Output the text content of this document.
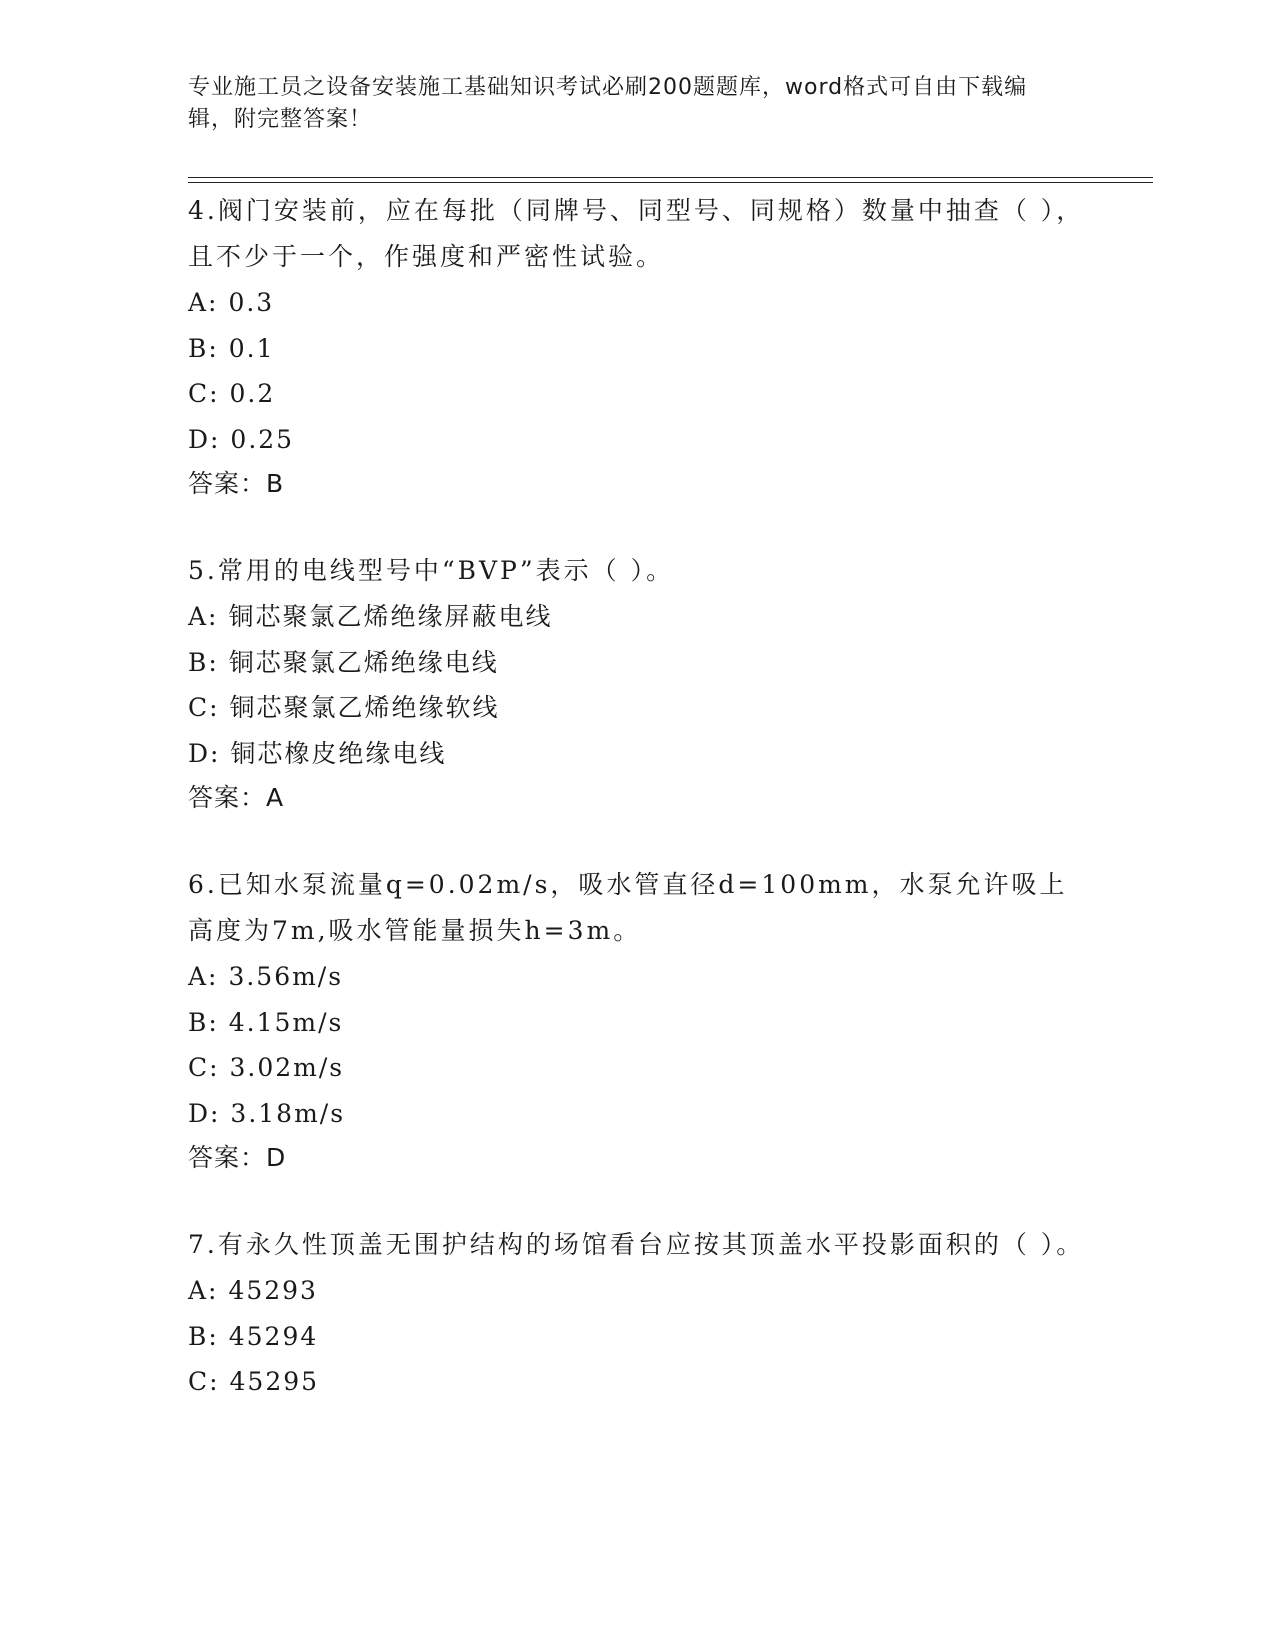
专业施工员之设备安装施工基础知识考试必刷200题题库，word格式可自由下载编辑，附完整答案！
4.阀门安装前，应在每批（同牌号、同型号、同规格）数量中抽查（ ），且不少于一个，作强度和严密性试验。
A: 0.3
B: 0.1
C: 0.2
D: 0.25
答案：B
5.常用的电线型号中“BVP”表示（ ）。
A: 铜芯聚氯乙烯绝缘屏蔽电线
B: 铜芯聚氯乙烯绝缘电线
C: 铜芯聚氯乙烯绝缘软线
D: 铜芯橡皮绝缘电线
答案：A
6.已知水泵流量q=0.02m/s，吸水管直径d=100mm，水泵允许吸上高度为7m,吸水管能量损失h=3m。
A: 3.56m/s
B: 4.15m/s
C: 3.02m/s
D: 3.18m/s
答案：D
7.有永久性顶盖无围护结构的场馆看台应按其顶盖水平投影面积的（ ）。
A: 45293
B: 45294
C: 45295
